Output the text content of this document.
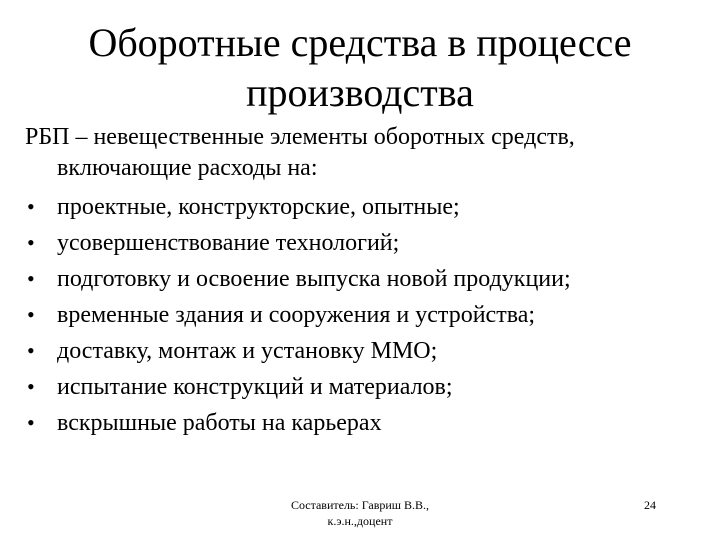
Оборотные средства в процессе
производства
РБП – невещественные элементы оборотных средств,
включающие расходы на:
• проектные, конструкторские, опытные;
• усовершенствование технологий;
• подготовку и освоение выпуска новой продукции;
• временные здания и сооружения и устройства;
• доставку, монтаж и установку ММО;
• испытание конструкций и материалов;
• вскрышные работы на карьерах
Составитель: Гавриш В.В.,
к.э.н.,доцент
24
